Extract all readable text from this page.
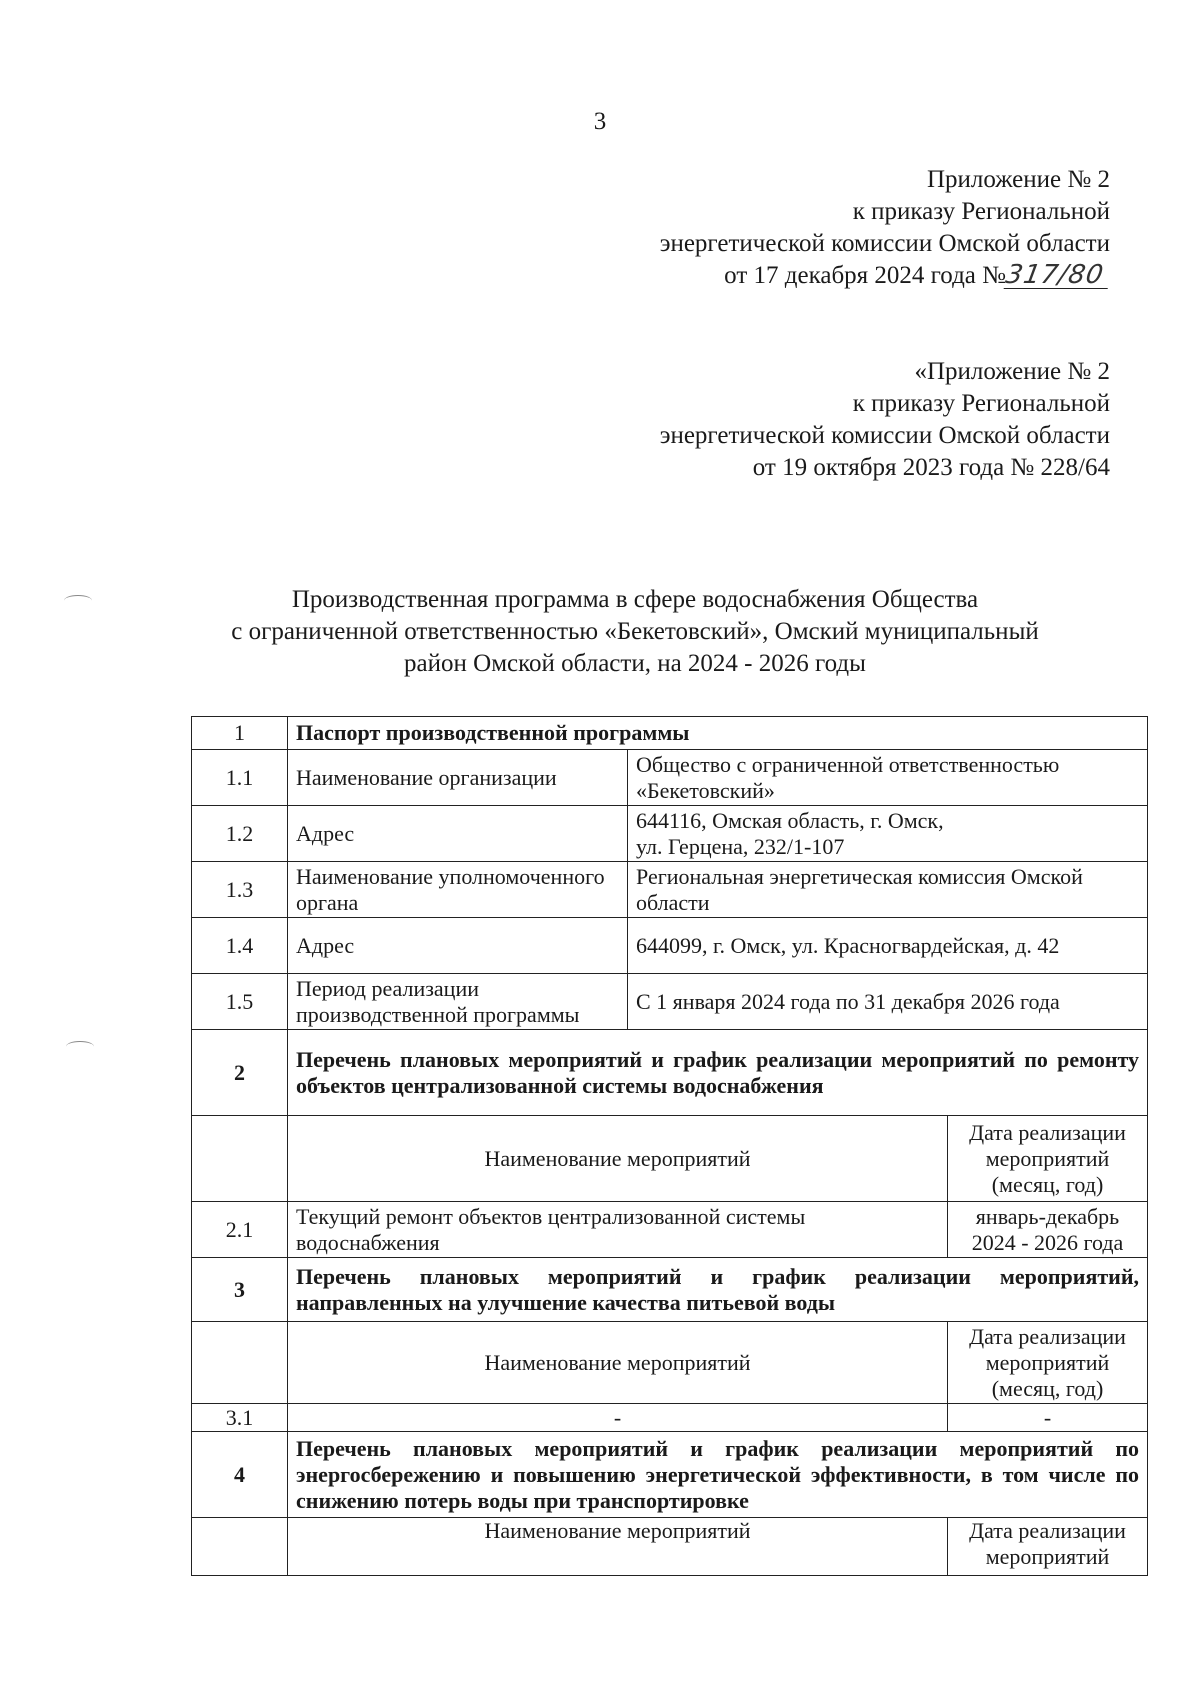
3
Приложение № 2
к приказу Региональной
энергетической комиссии Омской области
от 17 декабря 2024 года №317/80
«Приложение № 2
к приказу Региональной
энергетической комиссии Омской области
от 19 октября 2023 года № 228/64
Производственная программа в сфере водоснабжения Общества
с ограниченной ответственностью «Бекетовский», Омский муниципальный
район Омской области, на 2024 - 2026 годы
1	Паспорт производственной программы		
1.1	Наименование организации	Общество с ограниченной ответственностью «Бекетовский»	
1.2	Адрес	644116, Омская область, г. Омск,
ул. Герцена, 232/1-107	
1.3	Наименование уполномоченного органа	Региональная энергетическая комиссия Омской области	
1.4	Адрес	644099, г. Омск, ул. Красногвардейская, д. 42	
1.5	Период реализации производственной программы	С 1 января 2024 года по 31 декабря 2026 года	
2	Перечень плановых мероприятий и график реализации мероприятий по ремонту объектов централизованной системы водоснабжения		
	Наименование мероприятий		Дата реализации мероприятий (месяц, год)
2.1	Текущий ремонт объектов централизованной системы водоснабжения		январь-декабрь 2024 - 2026 года
3	Перечень плановых мероприятий и график реализации мероприятий, направленных на улучшение качества питьевой воды		
	Наименование мероприятий		Дата реализации мероприятий (месяц, год)
3.1	-		-
4	Перечень плановых мероприятий и график реализации мероприятий по энергосбережению и повышению энергетической эффективности, в том числе по снижению потерь воды при транспортировке		
	Наименование мероприятий		Дата реализации мероприятий
